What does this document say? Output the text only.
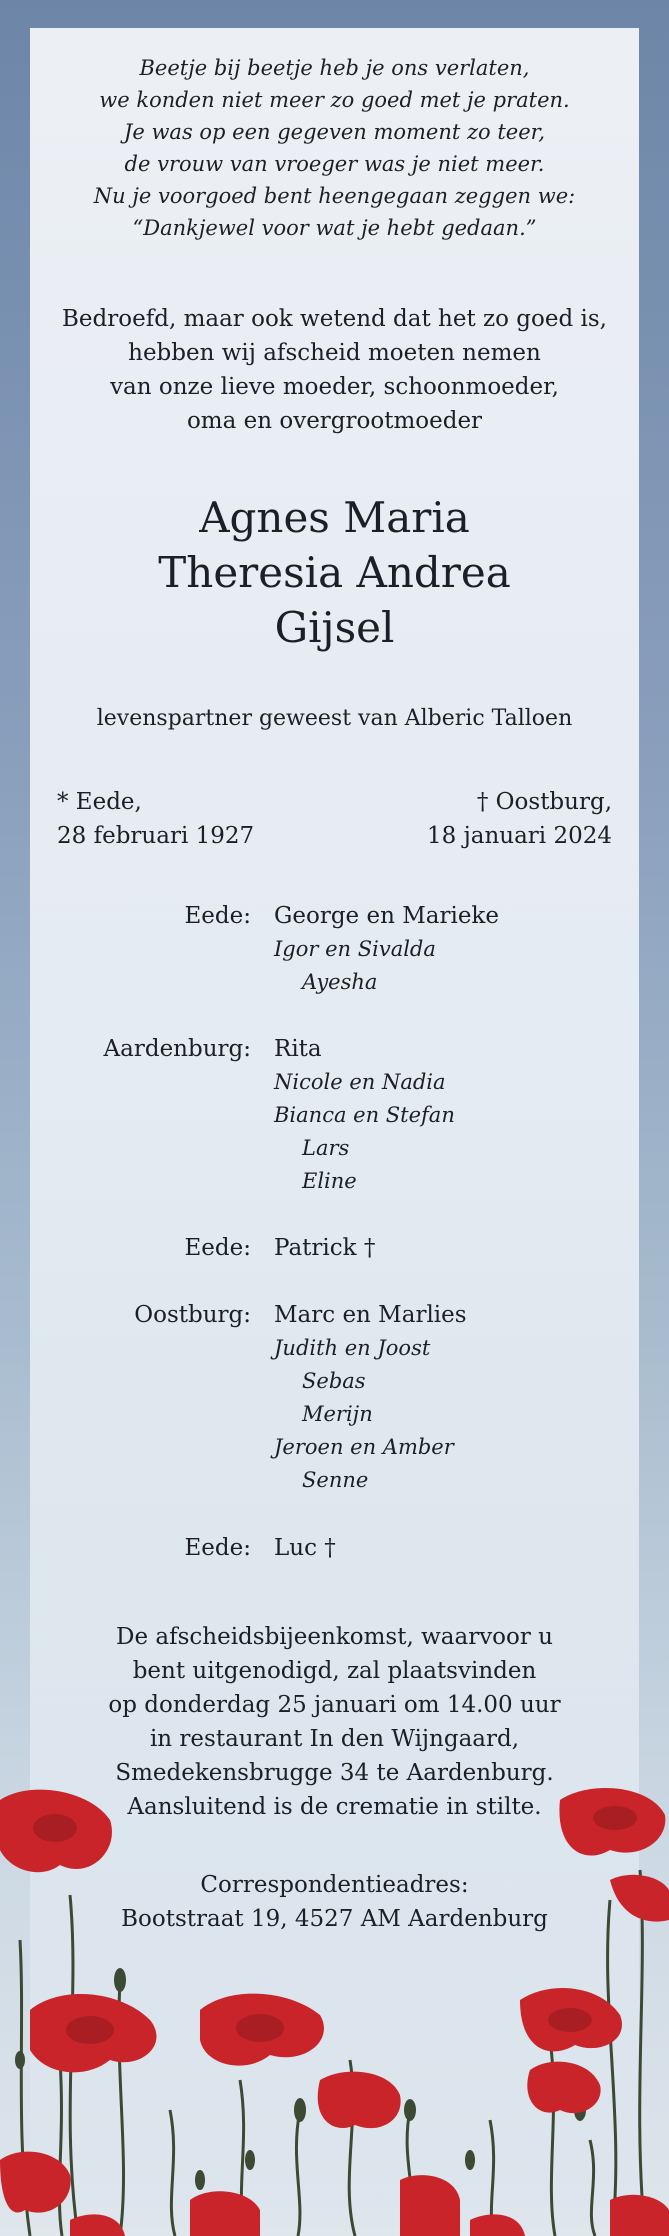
Beetje bij beetje heb je ons verlaten,
we konden niet meer zo goed met je praten.
Je was op een gegeven moment zo teer,
de vrouw van vroeger was je niet meer.
Nu je voorgoed bent heengegaan zeggen we:
“Dankjewel voor wat je hebt gedaan.”
Bedroefd, maar ook wetend dat het zo goed is,
hebben wij afscheid moeten nemen
van onze lieve moeder, schoonmoeder,
oma en overgrootmoeder
Agnes Maria
Theresia Andrea
Gijsel
levenspartner geweest van Alberic Talloen
* Eede,
28 februari 1927
† Oostburg,
18 januari 2024
Eede: George en Marieke
Igor en Sivalda
Ayesha
Aardenburg: Rita
Nicole en Nadia
Bianca en Stefan
Lars
Eline
Eede: Patrick †
Oostburg: Marc en Marlies
Judith en Joost
Sebas
Merijn
Jeroen en Amber
Senne
Eede: Luc †
De afscheidsbijeenkomst, waarvoor u
bent uitgenodigd, zal plaatsvinden
op donderdag 25 januari om 14.00 uur
in restaurant In den Wijngaard,
Smedekensbrugge 34 te Aardenburg.
Aansluitend is de crematie in stilte.
Correspondentieadres:
Bootstraat 19, 4527 AM Aardenburg
